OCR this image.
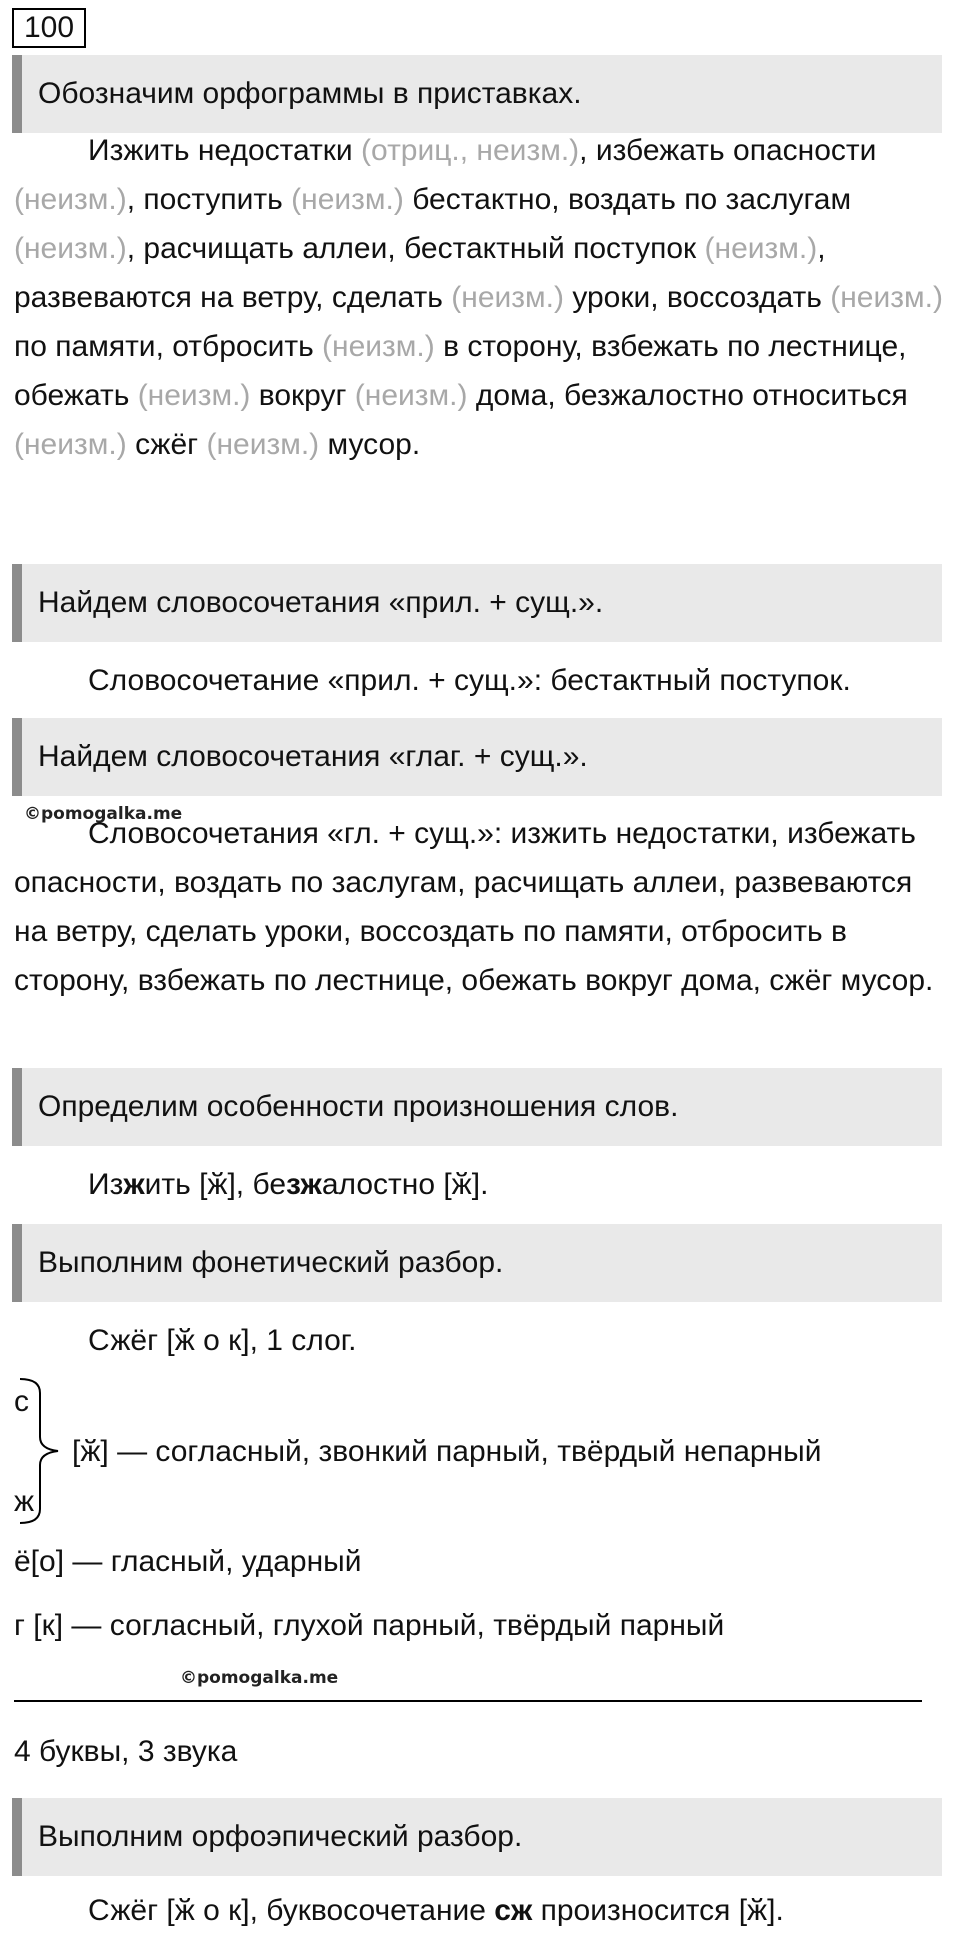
100
Обозначим орфограммы в приставках.
Изжить недостатки (отриц., неизм.), избежать опасности (неизм.), поступить (неизм.) бестактно, воздать по заслугам (неизм.), расчищать аллеи, бестактный поступок (неизм.), развеваются на ветру, сделать (неизм.) уроки, воссоздать (неизм.) по памяти, отбросить (неизм.) в сторону, взбежать по лестнице, обежать (неизм.) вокруг (неизм.) дома, безжалостно относиться (неизм.) сжёг (неизм.) мусор.
Найдем словосочетания «прил. + сущ.».
Словосочетание «прил. + сущ.»: бестактный поступок.
Найдем словосочетания «глаг. + сущ.».
©pomogalka.me
Словосочетания «гл. + сущ.»: изжить недостатки, избежать опасности, воздать по заслугам, расчищать аллеи, развеваются на ветру, сделать уроки, воссоздать по памяти, отбросить в сторону, взбежать по лестнице, обежать вокруг дома, сжёг мусор.
Определим особенности произношения слов.
Изжить [ӂ], безжалостно [ӂ].
Выполним фонетический разбор.
Сжёг [ӂ о к], 1 слог.
с
ж
[ӂ] — согласный, звонкий парный, твёрдый непарный
ё[о] — гласный, ударный
г [к] — согласный, глухой парный, твёрдый парный
©pomogalka.me
4 буквы, 3 звука
Выполним орфоэпический разбор.
Сжёг [ӂ о к], буквосочетание сж произносится [ӂ].
